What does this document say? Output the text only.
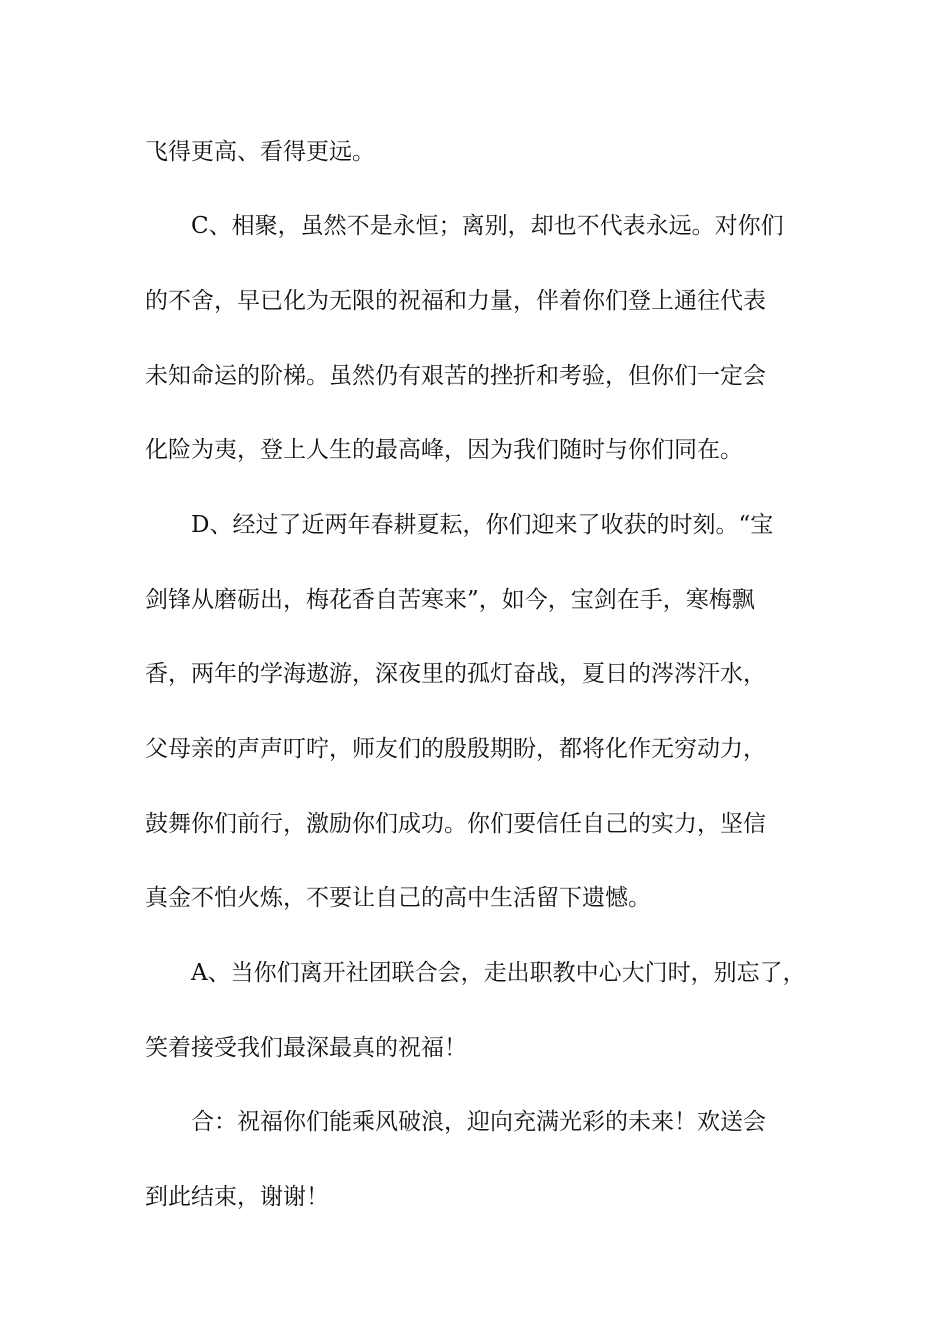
飞得更高、看得更远。
C、相聚，虽然不是永恒；离别，却也不代表永远。对你们
的不舍，早已化为无限的祝福和力量，伴着你们登上通往代表
未知命运的阶梯。虽然仍有艰苦的挫折和考验，但你们一定会
化险为夷，登上人生的最高峰，因为我们随时与你们同在。
D、经过了近两年春耕夏耘，你们迎来了收获的时刻。“宝
剑锋从磨砺出，梅花香自苦寒来”，如今，宝剑在手，寒梅飘
香，两年的学海遨游，深夜里的孤灯奋战，夏日的涔涔汗水，
父母亲的声声叮咛，师友们的殷殷期盼，都将化作无穷动力，
鼓舞你们前行，激励你们成功。你们要信任自己的实力，坚信
真金不怕火炼，不要让自己的高中生活留下遗憾。
A、当你们离开社团联合会，走出职教中心大门时，别忘了，
笑着接受我们最深最真的祝福！
合：祝福你们能乘风破浪，迎向充满光彩的未来！欢送会
到此结束，谢谢！
